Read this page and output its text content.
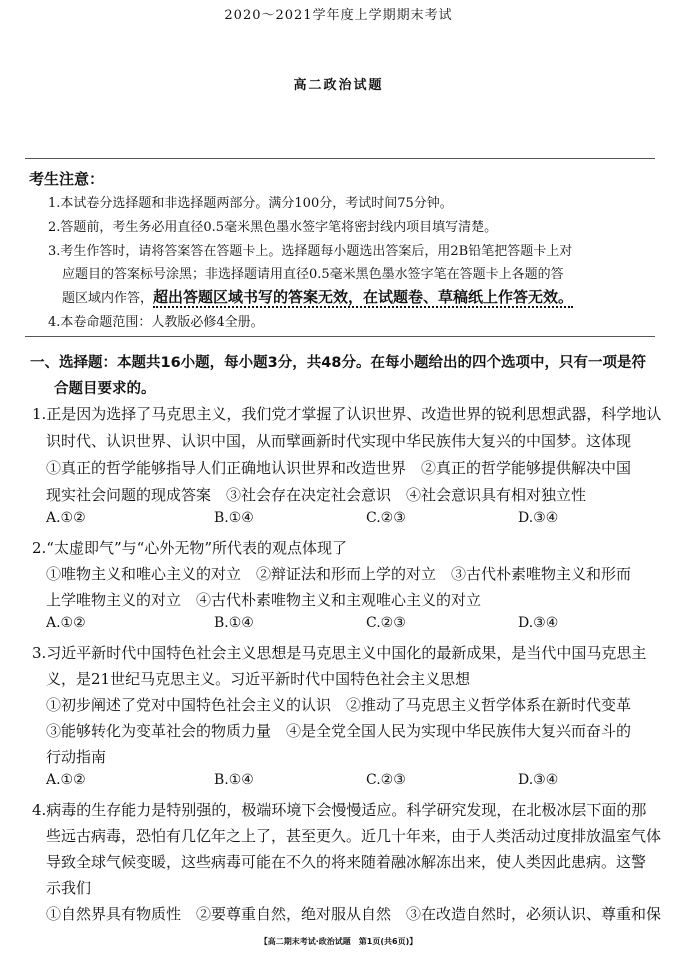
2020～2021学年度上学期期末考试
高二政治试题
考生注意：
1.本试卷分选择题和非选择题两部分。满分100分，考试时间75分钟。
2.答题前，考生务必用直径0.5毫米黑色墨水签字笔将密封线内项目填写清楚。
3.考生作答时，请将答案答在答题卡上。选择题每小题选出答案后，用2B铅笔把答题卡上对
应题目的答案标号涂黑；非选择题请用直径0.5毫米黑色墨水签字笔在答题卡上各题的答
题区域内作答，超出答题区域书写的答案无效，在试题卷、草稿纸上作答无效。
4.本卷命题范围：人教版必修4全册。
一、选择题：本题共16小题，每小题3分，共48分。在每小题给出的四个选项中，只有一项是符
合题目要求的。
1.正是因为选择了马克思主义，我们党才掌握了认识世界、改造世界的锐利思想武器，科学地认
识时代、认识世界、认识中国，从而擘画新时代实现中华民族伟大复兴的中国梦。这体现
①真正的哲学能够指导人们正确地认识世界和改造世界　②真正的哲学能够提供解决中国
现实社会问题的现成答案　③社会存在决定社会意识　④社会意识具有相对独立性
A.①②	B.①④	C.②③	D.③④
2.“太虚即气”与“心外无物”所代表的观点体现了
①唯物主义和唯心主义的对立　②辩证法和形而上学的对立　③古代朴素唯物主义和形而
上学唯物主义的对立　④古代朴素唯物主义和主观唯心主义的对立
A.①②	B.①④	C.②③	D.③④
3.习近平新时代中国特色社会主义思想是马克思主义中国化的最新成果，是当代中国马克思主
义，是21世纪马克思主义。习近平新时代中国特色社会主义思想
①初步阐述了党对中国特色社会主义的认识　②推动了马克思主义哲学体系在新时代变革
③能够转化为变革社会的物质力量　④是全党全国人民为实现中华民族伟大复兴而奋斗的
行动指南
A.①②	B.①④	C.②③	D.③④
4.病毒的生存能力是特别强的，极端环境下会慢慢适应。科学研究发现，在北极冰层下面的那
些远古病毒，恐怕有几亿年之上了，甚至更久。近几十年来，由于人类活动过度排放温室气体
导致全球气候变暖，这些病毒可能在不久的将来随着融冰解冻出来，使人类因此患病。这警
示我们
①自然界具有物质性　②要尊重自然，绝对服从自然　③在改造自然时，必须认识、尊重和保
【高二期末考试·政治试题　第1页(共6页)】
